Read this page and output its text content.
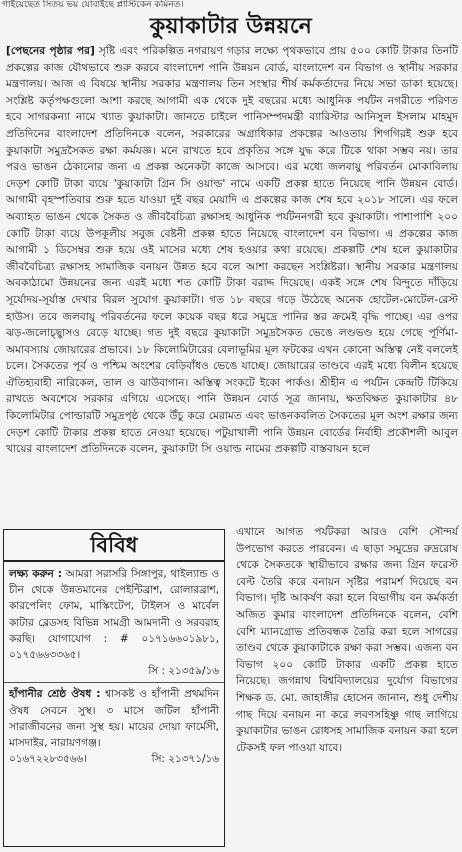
গাইয়েছেত সিতয় ভয় যোবাইছে প্লাস্টিকেন কমিনত।
কুয়াকাটার উন্নয়নে

[পেছনের পৃষ্ঠার পর] সৃষ্টি এবং পরিকল্পিত নগরায়ণ গড়ার লক্ষ্যে পৃথকভাবে প্রায় ৫০০ কোটি টাকার তিনটি প্রকল্পের কাজ যৌথভাবে শুরু করবে বাংলাদেশ পানি উন্নয়ন বোর্ড, বাংলাদেশ বন বিভাগ ও স্থানীয় সরকার মন্ত্রণালয়। আজ এ বিষয়ে স্থানীয় সরকার মন্ত্রণালয় তিন সংস্থার শীর্ষ কর্মকর্তাদের নিয়ে সভা ডাকা হয়েছে। সংশ্লিষ্ট কর্তৃপক্ষগুলো আশা করছে আগামী এক থেকে দুই বছরের মধ্যে আধুনিক পর্যটন নগরীতে পরিণত হবে সাগরকন্যা নামে খ্যাত কুয়াকাটা। জানতে চাইলে পানিসম্পদমন্ত্রী ব্যারিস্টার আনিসুল ইসলাম মাহমুদ প্রতিদিনের বাংলাদেশ প্রতিদিনকে বলেন, সরকারের অগ্রাধিকার প্রকল্পের আওতায় শিগগিরই শুরু হবে কুয়াকাটা সমুদ্রসৈকত রক্ষা কর্মযজ্ঞ। মনে রাখতে হবে প্রকৃতির সঙ্গে যুদ্ধ করে টিকে থাকা সম্ভব নয়। তার পরও ভাঙন ঠেকানোর জন্য এ প্রকল্প অনেকটা কাজে আসবে। এর মধ্যে জলবায়ু পরিবর্তন মোকাবিলায় দেড়শ কোটি টাকা ব্যয়ে 'কুয়াকাটা গ্রিন সি ওয়াল্ড' নামে একটি প্রকল্প হাতে নিয়েছে পানি উন্নয়ন বোর্ড। আগামী বৃহস্পতিবার শুরু হতে যাওয়া দুই বছর মেয়াদি এ প্রকল্পের কাজ শেষ হবে ২০১৮ সালে। এর ফলে অব্যাহত ভাঙন থেকে সৈকত ও জীববৈচিত্র্য রক্ষাসহ আধুনিক পর্যটননগরী হবে কুয়াকাটা। পাশাপাশি ২০০ কোটি টাকা ব্যয়ে উপকূলীয় সবুজ বেষ্টনী প্রকল্প হাতে নিয়েছে বাংলাদেশ বন বিভাগ। এ প্রকল্পের কাজ আগামী ১ ডিসেম্বর শুরু হয়ে ওই মাসের মধ্যে শেষ হওয়ার কথা রয়েছে। প্রকল্পটি শেষ হলে কুয়াকাটার জীববৈচিত্র্য রক্ষাসহ সামাজিক বনায়ন উন্নত হবে বলে আশা করছেন সংশ্লিষ্টরা। স্থানীয় সরকার মন্ত্রণালয় অবকাঠামো উন্নয়নের জন্য এরই মধ্যে শত কোটি টাকা বরাদ্দ দিয়েছে। একই সঙ্গে শেষ বিন্দুতে দাঁড়িয়ে সূর্যোদয়-সূর্যাস্ত দেখার বিরল সুযোগ কুয়াকাটা। গত ১৮ বছরে গড়ে উঠেছে অনেক হোটেল-মোটেল-রেস্ট হাউস। তবে জলবায়ু পরিবর্তনের ফলে কয়েক বছর ধরে সমুদ্রে পানির স্তর ক্রমেই বৃদ্ধি পাচ্ছে। এর ওপর ঝড়-জলোচ্ছ্বাসও বেড়ে যাচ্ছে। গত দুই বছরে কুয়াকাটা সমুদ্রসৈকত ভেঙে লণ্ডভণ্ড হয়ে গেছে পূর্ণিমা-অমাবস্যায় জোয়ারের প্রভাবে। ১৮ কিলোমিটারের বেলাভূমির মূল ফটকের এখন কোনো অস্তিত্ব নেই বললেই চলে। সৈকতের পূর্ব ও পশ্চিম অংশের বেড়িবাঁধও ভেঙে যাচ্ছে। জোয়ারের তাণ্ডবে এরই মধ্যে বিলীন হয়েছে ঐতিহ্যবাহী নারিকেল, তাল ও ঝাউবাগান। অস্তিত্ব সংকটে ইকো পার্কও। শ্রীহীন এ পর্যটন কেন্দ্রটি টিকিয়ে রাখতে অবশেষে সরকার এগিয়ে এসেছে। পানি উন্নয়ন বোর্ড সূত্র জানায়, ক্ষতবিক্ষত কুয়াকাটার ৪৮ কিলোমিটার পোল্ডারটি সমুদ্রপৃষ্ঠ থেকে উঁচু করে মেরামত এবং ভাঙনকবলিত সৈকতের মূল অংশ রক্ষার জন্য দেড়শ কোটি টাকার প্রকল্প হাতে নেওয়া হয়েছে। পটুয়াখালী পানি উন্নয়ন বোর্ডের নির্বাহী প্রকৌশলী আবুল খায়ের বাংলাদেশ প্রতিদিনকে বলেন, কুয়াকাটা সি ওয়াল্ড নামের প্রকল্পটি বাস্তবায়ন হলে

এখানে আগত পর্যটকরা আরও বেশি সৌন্দর্য উপভোগ করতে পারবেন। এ ছাড়া সমুদ্রের রুদ্ররোষ থেকে সৈকতকে স্থায়ীভাবে রক্ষার জন্য গ্রিন ফরেস্ট বেল্ট তৈরি করে বনায়ন সৃষ্টির পরামর্শ দিয়েছে বন বিভাগ। দৃষ্টি আকর্ষণ করা হলে বিভাগীয় বন কর্মকর্তা অজিত কুমার বাংলাদেশ প্রতিদিনকে বলেন, বেশি বেশি ম্যানগ্রোভ প্রতিবন্ধক তৈরি করা হলে সাগরের তাণ্ডব থেকে কুয়াকাটাকে রক্ষা করা সম্ভব। এজন্য বন বিভাগ ২০০ কোটি টাকার একটি প্রকল্প হাতে নিয়েছে। জগন্নাথ বিশ্ববিদ্যালয়ের দুর্যোগ বিভাগের শিক্ষক ড. মো. জাহাঙ্গীর হোসেন জানান, শুধু দেশীয় গাছ দিয়ে বনায়ন না করে লবণসহিষ্ণু গাছ লাগিয়ে কুয়াকাটার ভাঙন রোধসহ সামাজিক বনায়ন করা হলে টেকসই ফল পাওয়া যাবে।

বিবিধ

লক্ষ্য করুন : আমরা সরাসরি সিঙ্গাপুর, থাইল্যান্ড ও চীন থেকে উন্নতমানের পেইন্টিব্রাশ, রোলারব্রাশ, কারপেলিং ফোম, মাস্কিংটেপ, টাইলস ও মার্বেল কাটার ব্লেডসহ বিভিন্ন সামগ্রী আমদানী ও সরবরাহ করছি। যোগাযোগ : # ০১৭১৬৬০১৯৮১, ০১৭৫৬৬৩৩৬৫।

সি : ২১৩৫৯/১৬

হাঁপানীর শ্রেষ্ঠ ঔষধ : শ্বাসকষ্ট ও হাঁপানী প্রথমদিন ঔষধ সেবনে সুস্থ। ৩ মাসে জটিল হাঁপানী সারাজীবনের জন্য সুস্থ হয়। মায়ের দোয়া ফার্মেসী, মাসদাইর, নারায়ণগঞ্জ।

০১৬৭২২৮৩৫৬৬।	সি: ২১৩৭১/১৬
